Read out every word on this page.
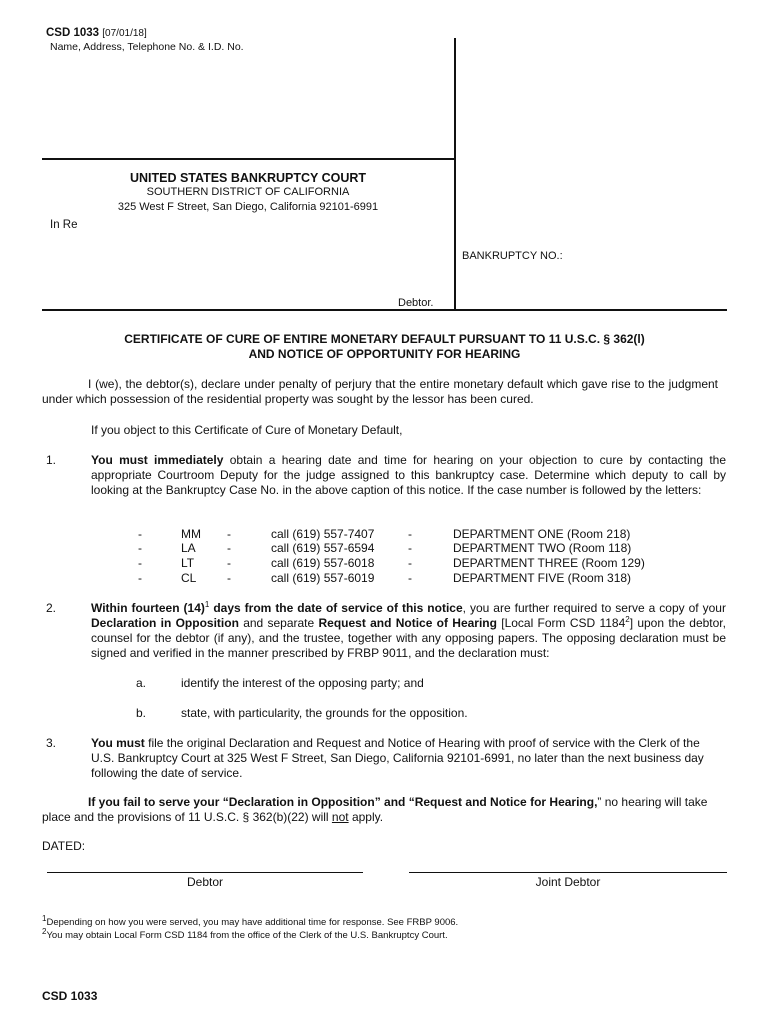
CSD 1033 [07/01/18]
Name, Address, Telephone No. & I.D. No.
UNITED STATES BANKRUPTCY COURT
SOUTHERN DISTRICT OF CALIFORNIA
325 West F Street, San Diego, California 92101-6991
In Re
BANKRUPTCY NO.:
Debtor.
CERTIFICATE OF CURE OF ENTIRE MONETARY DEFAULT PURSUANT TO 11 U.S.C. § 362(l)
AND NOTICE OF OPPORTUNITY FOR HEARING

I (we), the debtor(s), declare under penalty of perjury that the entire monetary default which gave rise to the judgment under which possession of the residential property was sought by the lessor has been cured.

If you object to this Certificate of Cure of Monetary Default,

1.	You must immediately obtain a hearing date and time for hearing on your objection to cure by contacting the appropriate Courtroom Deputy for the judge assigned to this bankruptcy case. Determine which deputy to call by looking at the Bankruptcy Case No. in the above caption of this notice. If the case number is followed by the letters:

-	MM -	call (619) 557-7407	-	DEPARTMENT ONE (Room 218)
-	LA	-	call (619) 557-6594	-	DEPARTMENT TWO (Room 118)
-	LT	-	call (619) 557-6018	-	DEPARTMENT THREE (Room 129)
-	CL	-	call (619) 557-6019	-	DEPARTMENT FIVE (Room 318)
2.	Within fourteen $(14)^1$ days from the date of service of this notice, you are further required to serve a copy of your Declaration in Opposition and separate Request and Notice of Hearing [Local Form CSD 1184$^2$] upon the debtor, counsel for the debtor (if any), and the trustee, together with any opposing papers. The opposing declaration must be signed and verified in the manner prescribed by FRBP 9011, and the declaration must:

a.	identify the interest of the opposing party; and
b.	state, with particularity, the grounds for the opposition.
3.	You must file the original Declaration and Request and Notice of Hearing with proof of service with the Clerk of the U.S. Bankruptcy Court at 325 West F Street, San Diego, California 92101-6991, no later than the next business day following the date of service.

If you fail to serve your “Declaration in Opposition” and “Request and Notice for Hearing,” no hearing will take place and the provisions of 11 U.S.C. § 362(b)(22) will not apply.

DATED:
Debtor	Joint Debtor
$^1$Depending on how you were served, you may have additional time for response. See FRBP 9006.
$^2$You may obtain Local Form CSD 1184 from the office of the Clerk of the U.S. Bankruptcy Court.
CSD 1033
